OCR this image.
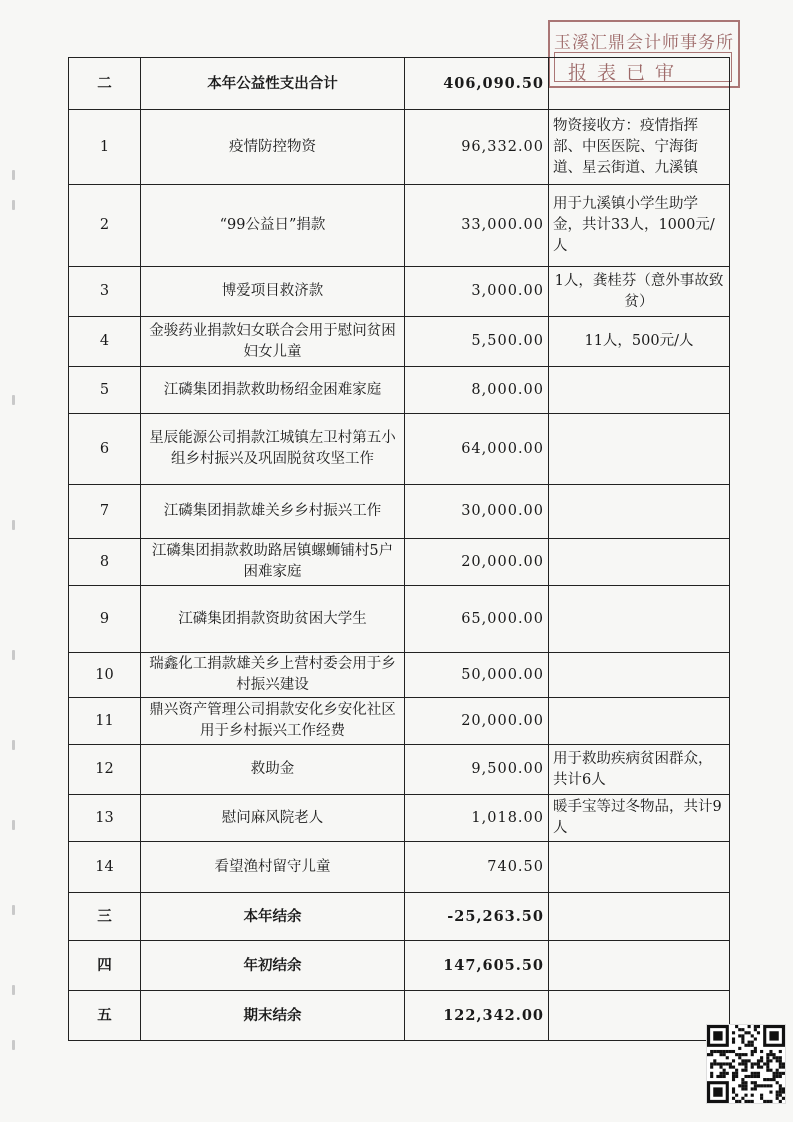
玉溪汇鼎会计师事务所
报表已审
二	本年公益性支出合计	406,090.50	
1	疫情防控物资	96,332.00	物资接收方：疫情指挥部、中医医院、宁海街道、星云街道、九溪镇
2	“99公益日”捐款	33,000.00	用于九溪镇小学生助学金，共计33人，1000元/人
3	博爱项目救济款	3,000.00	1人，龚桂芬（意外事故致贫）
4	金骏药业捐款妇女联合会用于慰问贫困妇女儿童	5,500.00	11人，500元/人
5	江磷集团捐款救助杨绍金困难家庭	8,000.00	
6	星辰能源公司捐款江城镇左卫村第五小组乡村振兴及巩固脱贫攻坚工作	64,000.00	
7	江磷集团捐款雄关乡乡村振兴工作	30,000.00	
8	江磷集团捐款救助路居镇螺蛳铺村5户困难家庭	20,000.00	
9	江磷集团捐款资助贫困大学生	65,000.00	
10	瑞鑫化工捐款雄关乡上营村委会用于乡村振兴建设	50,000.00	
11	鼎兴资产管理公司捐款安化乡安化社区用于乡村振兴工作经费	20,000.00	
12	救助金	9,500.00	用于救助疾病贫困群众，共计6人
13	慰问麻风院老人	1,018.00	暖手宝等过冬物品，共计9人
14	看望渔村留守儿童	740.50	
三	本年结余	-25,263.50	
四	年初结余	147,605.50	
五	期末结余	122,342.00	
